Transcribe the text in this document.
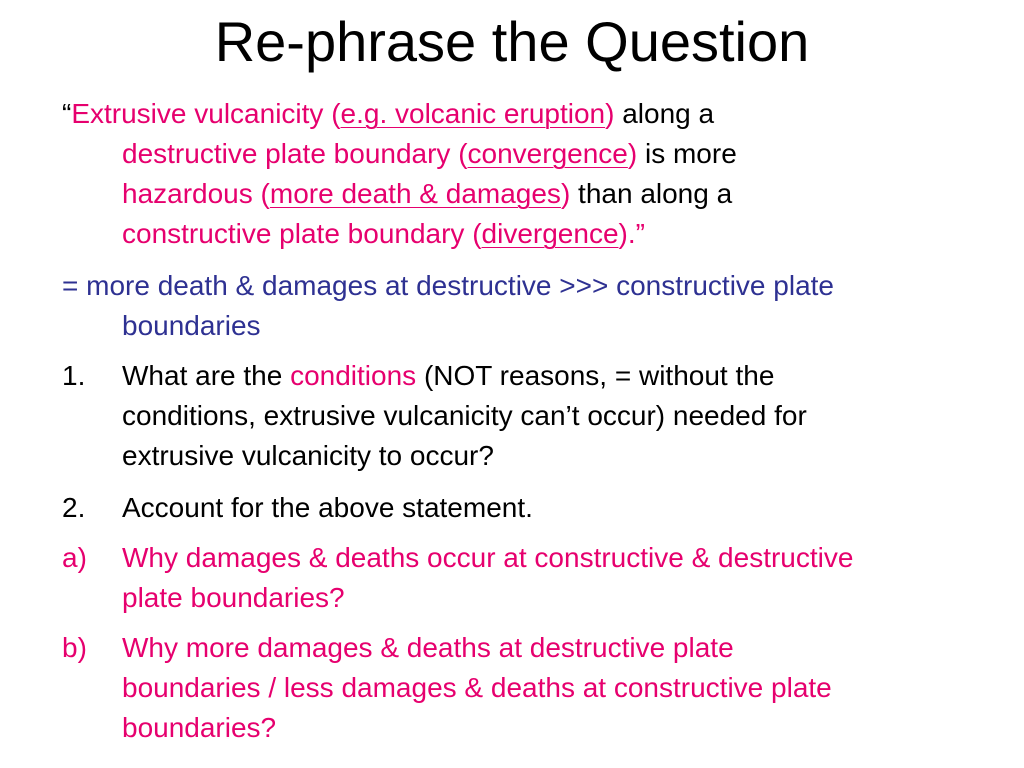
Re-phrase the Question
“Extrusive vulcanicity (e.g. volcanic eruption) along a
destructive plate boundary (convergence) is more
hazardous (more death & damages) than along a
constructive plate boundary (divergence).”
= more death & damages at destructive >>> constructive plate
boundaries
1. What are the conditions (NOT reasons, = without the
conditions, extrusive vulcanicity can’t occur) needed for
extrusive vulcanicity to occur?
2. Account for the above statement.
a) Why damages & deaths occur at constructive & destructive
plate boundaries?
b) Why more damages & deaths at destructive plate
boundaries / less damages & deaths at constructive plate
boundaries?
